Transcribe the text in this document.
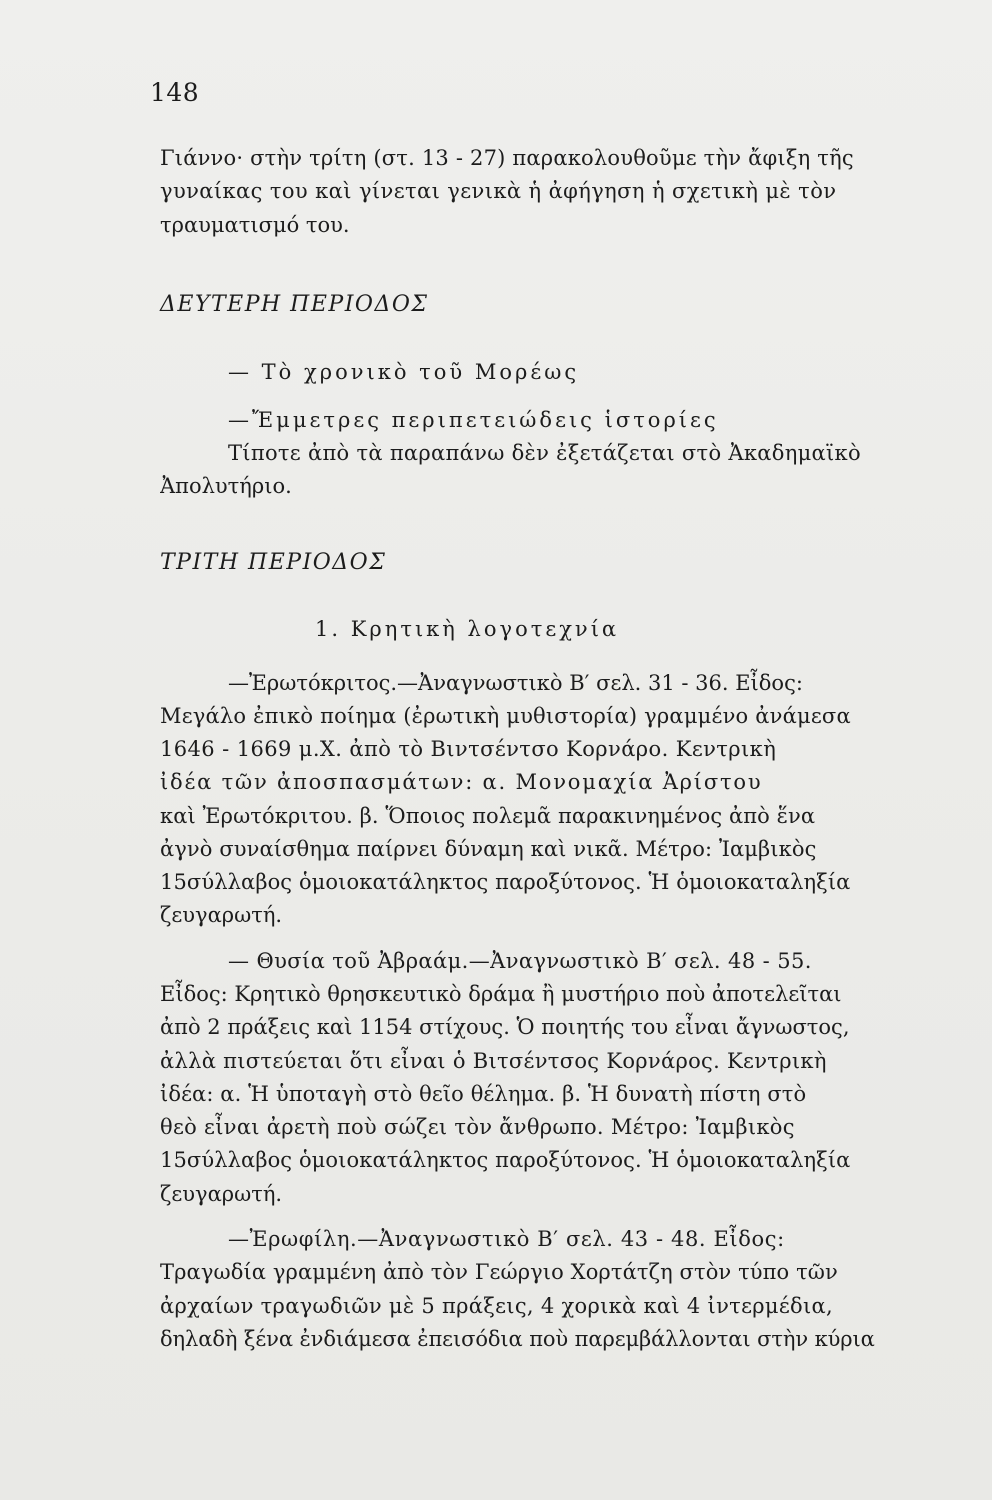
148
Γιάννο· στὴν τρίτη (στ. 13 - 27) παρακολουθοῦμε τὴν ἄφιξη τῆς
γυναίκας του καὶ γίνεται γενικὰ ἡ ἀφήγηση ἡ σχετικὴ μὲ τὸν
τραυματισμό του.
ΔΕΥΤΕΡΗ ΠΕΡΙΟΔΟΣ
— Τὸ χρονικὸ τοῦ Μορέως
—Ἔμμετρες περιπετειώδεις ἱστορίες
Τίποτε ἀπὸ τὰ παραπάνω δὲν ἐξετάζεται στὸ Ἀκαδημαϊκὸ
Ἀπολυτήριο.
ΤΡΙΤΗ ΠΕΡΙΟΔΟΣ
1. Κρητικὴ λογοτεχνία
—Ἐρωτόκριτος.—Ἀναγνωστικὸ Β′ σελ. 31 - 36. Εἶδος:
Μεγάλο ἐπικὸ ποίημα (ἐρωτικὴ μυθιστορία) γραμμένο ἀνάμεσα
1646 - 1669 μ.Χ. ἀπὸ τὸ Βιντσέντσο Κορνάρο. Κεντρικὴ
ἰδέα τῶν ἀποσπασμάτων: α. Μονομαχία Ἀρίστου
καὶ Ἐρωτόκριτου. β. Ὅποιος πολεμᾶ παρακινημένος ἀπὸ ἕνα
ἀγνὸ συναίσθημα παίρνει δύναμη καὶ νικᾶ. Μέτρο: Ἰαμβικὸς
15σύλλαβος ὁμοιοκατάληκτος παροξύτονος. Ἡ ὁμοιοκαταληξία
ζευγαρωτή.
— Θυσία τοῦ Ἀβραάμ.—Ἀναγνωστικὸ Β′ σελ. 48 - 55.
Εἶδος: Κρητικὸ θρησκευτικὸ δράμα ἢ μυστήριο ποὺ ἀποτελεῖται
ἀπὸ 2 πράξεις καὶ 1154 στίχους. Ὁ ποιητής του εἶναι ἄγνωστος,
ἀλλὰ πιστεύεται ὅτι εἶναι ὁ Βιτσέντσος Κορνάρος. Κεντρικὴ
ἰδέα: α. Ἡ ὑποταγὴ στὸ θεῖο θέλημα. β. Ἡ δυνατὴ πίστη στὸ
θεὸ εἶναι ἀρετὴ ποὺ σώζει τὸν ἄνθρωπο. Μέτρο: Ἰαμβικὸς
15σύλλαβος ὁμοιοκατάληκτος παροξύτονος. Ἡ ὁμοιοκαταληξία
ζευγαρωτή.
—Ἐρωφίλη.—Ἀναγνωστικὸ Β′ σελ. 43 - 48. Εἶδος:
Τραγωδία γραμμένη ἀπὸ τὸν Γεώργιο Χορτάτζη στὸν τύπο τῶν
ἀρχαίων τραγωδιῶν μὲ 5 πράξεις, 4 χορικὰ καὶ 4 ἰντερμέδια,
δηλαδὴ ξένα ἐνδιάμεσα ἐπεισόδια ποὺ παρεμβάλλονται στὴν κύρια
